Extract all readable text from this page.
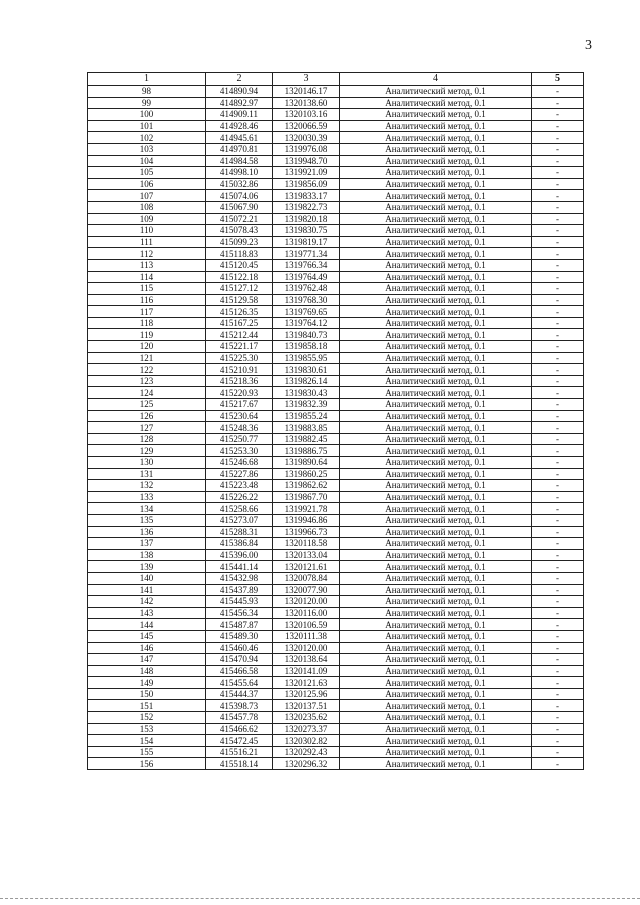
3
1	2	3	4	5
98	414890.94	1320146.17	Аналитический метод, 0.1	-
99	414892.97	1320138.60	Аналитический метод, 0.1	-
100	414909.11	1320103.16	Аналитический метод, 0.1	-
101	414928.46	1320066.59	Аналитический метод, 0.1	-
102	414945.61	1320030.39	Аналитический метод, 0.1	-
103	414970.81	1319976.08	Аналитический метод, 0.1	-
104	414984.58	1319948.70	Аналитический метод, 0.1	-
105	414998.10	1319921.09	Аналитический метод, 0.1	-
106	415032.86	1319856.09	Аналитический метод, 0.1	-
107	415074.06	1319833.17	Аналитический метод, 0.1	-
108	415067.90	1319822.73	Аналитический метод, 0.1	-
109	415072.21	1319820.18	Аналитический метод, 0.1	-
110	415078.43	1319830.75	Аналитический метод, 0.1	-
111	415099.23	1319819.17	Аналитический метод, 0.1	-
112	415118.83	1319771.34	Аналитический метод, 0.1	-
113	415120.45	1319766.34	Аналитический метод, 0.1	-
114	415122.18	1319764.49	Аналитический метод, 0.1	-
115	415127.12	1319762.48	Аналитический метод, 0.1	-
116	415129.58	1319768.30	Аналитический метод, 0.1	-
117	415126.35	1319769.65	Аналитический метод, 0.1	-
118	415167.25	1319764.12	Аналитический метод, 0.1	-
119	415212.44	1319840.73	Аналитический метод, 0.1	-
120	415221.17	1319858.18	Аналитический метод, 0.1	-
121	415225.30	1319855.95	Аналитический метод, 0.1	-
122	415210.91	1319830.61	Аналитический метод, 0.1	-
123	415218.36	1319826.14	Аналитический метод, 0.1	-
124	415220.93	1319830.43	Аналитический метод, 0.1	-
125	415217.67	1319832.39	Аналитический метод, 0.1	-
126	415230.64	1319855.24	Аналитический метод, 0.1	-
127	415248.36	1319883.85	Аналитический метод, 0.1	-
128	415250.77	1319882.45	Аналитический метод, 0.1	-
129	415253.30	1319886.75	Аналитический метод, 0.1	-
130	415246.68	1319890.64	Аналитический метод, 0.1	-
131	415227.86	1319860.25	Аналитический метод, 0.1	-
132	415223.48	1319862.62	Аналитический метод, 0.1	-
133	415226.22	1319867.70	Аналитический метод, 0.1	-
134	415258.66	1319921.78	Аналитический метод, 0.1	-
135	415273.07	1319946.86	Аналитический метод, 0.1	-
136	415288.31	1319966.73	Аналитический метод, 0.1	-
137	415386.84	1320118.58	Аналитический метод, 0.1	-
138	415396.00	1320133.04	Аналитический метод, 0.1	-
139	415441.14	1320121.61	Аналитический метод, 0.1	-
140	415432.98	1320078.84	Аналитический метод, 0.1	-
141	415437.89	1320077.90	Аналитический метод, 0.1	-
142	415445.93	1320120.00	Аналитический метод, 0.1	-
143	415456.34	1320116.00	Аналитический метод, 0.1	-
144	415487.87	1320106.59	Аналитический метод, 0.1	-
145	415489.30	1320111.38	Аналитический метод, 0.1	-
146	415460.46	1320120.00	Аналитический метод, 0.1	-
147	415470.94	1320138.64	Аналитический метод, 0.1	-
148	415466.58	1320141.09	Аналитический метод, 0.1	-
149	415455.64	1320121.63	Аналитический метод, 0.1	-
150	415444.37	1320125.96	Аналитический метод, 0.1	-
151	415398.73	1320137.51	Аналитический метод, 0.1	-
152	415457.78	1320235.62	Аналитический метод, 0.1	-
153	415466.62	1320273.37	Аналитический метод, 0.1	-
154	415472.45	1320302.82	Аналитический метод, 0.1	-
155	415516.21	1320292.43	Аналитический метод, 0.1	-
156	415518.14	1320296.32	Аналитический метод, 0.1	-
